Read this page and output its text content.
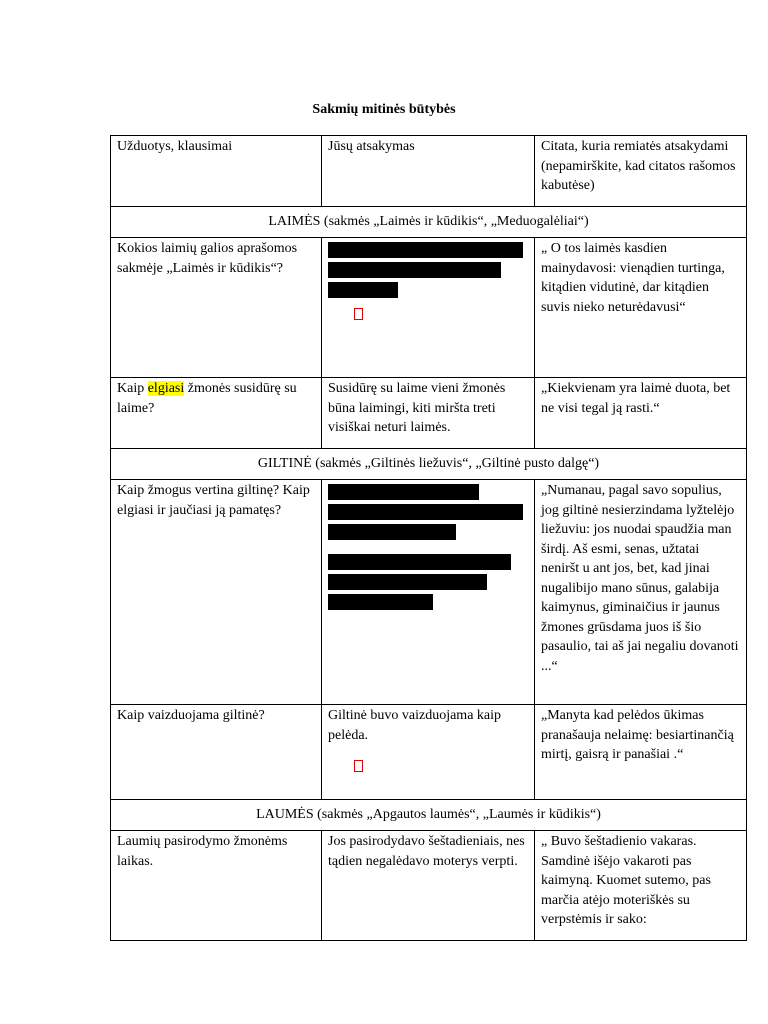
Sakmių mitinės būtybės
Užduotys, klausimai	Jūsų atsakymas	Citata, kuria remiatės atsakydami (nepamirškite, kad citatos rašomos kabutėse)
LAIMĖS (sakmės „Laimės ir kūdikis“, „Meduogalėliai“)		
Kokios laimių galios aprašomos sakmėje „Laimės ir kūdikis“?		„ O tos laimės kasdien mainydavosi: vienądien turtinga, kitądien vidutinė, dar kitądien suvis nieko neturėdavusi“
Kaip elgiasi žmonės susidūrę su laime?	Susidūrę su laime vieni žmonės būna laimingi, kiti miršta treti visiškai neturi laimės.	„Kiekvienam yra laimė duota, bet ne visi tegal ją rasti.“
GILTINĖ (sakmės „Giltinės liežuvis“, „Giltinė pusto dalgę“)		
Kaip žmogus vertina giltinę? Kaip elgiasi ir jaučiasi ją pamatęs?		„Numanau, pagal savo sopulius, jog giltinė nesierzindama lyžtelėjo liežuviu: jos nuodai spaudžia man širdį. Aš esmi, senas, užtatai neniršt u ant jos, bet, kad jinai nugalibijo mano sūnus, galabija kaimynus, giminaičius ir jaunus žmones grūsdama juos iš šio pasaulio, tai aš jai negaliu dovanoti ...“
Kaip vaizduojama giltinė?	Giltinė buvo vaizduojama kaip pelėda.	„Manyta kad pelėdos ūkimas pranašauja nelaimę: besiartinančią mirtį, gaisrą ir panašiai .“
LAUMĖS (sakmės „Apgautos laumės“, „Laumės ir kūdikis“)		
Laumių pasirodymo žmonėms laikas.	Jos pasirodydavo šeštadieniais, nes tądien negalėdavo moterys verpti.	„ Buvo šeštadienio vakaras. Samdinė išėjo vakaroti pas kaimyną. Kuomet sutemo, pas marčia atėjo moteriškės su verpstėmis ir sako:
